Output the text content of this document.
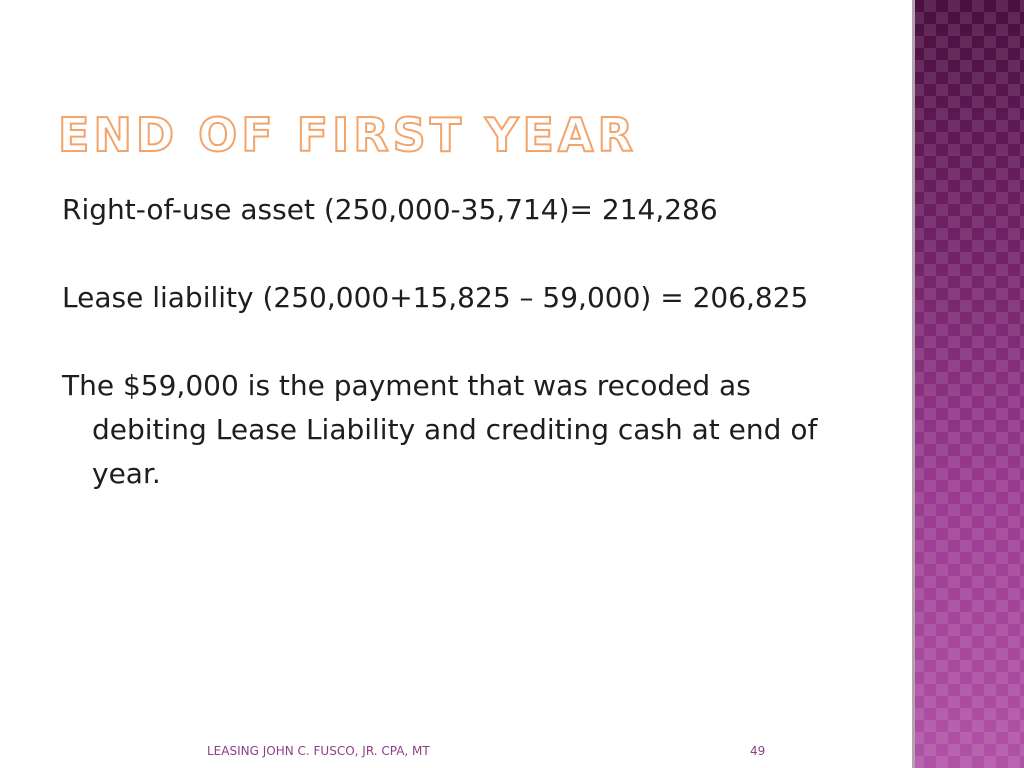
END OF FIRST YEAR

Right-of-use asset (250,000-35,714)= 214,286

Lease liability (250,000+15,825 – 59,000) = 206,825

The $59,000 is the payment that was recoded as debiting Lease Liability and crediting cash at end of year.

LEASING JOHN C. FUSCO, JR. CPA, MT	49
